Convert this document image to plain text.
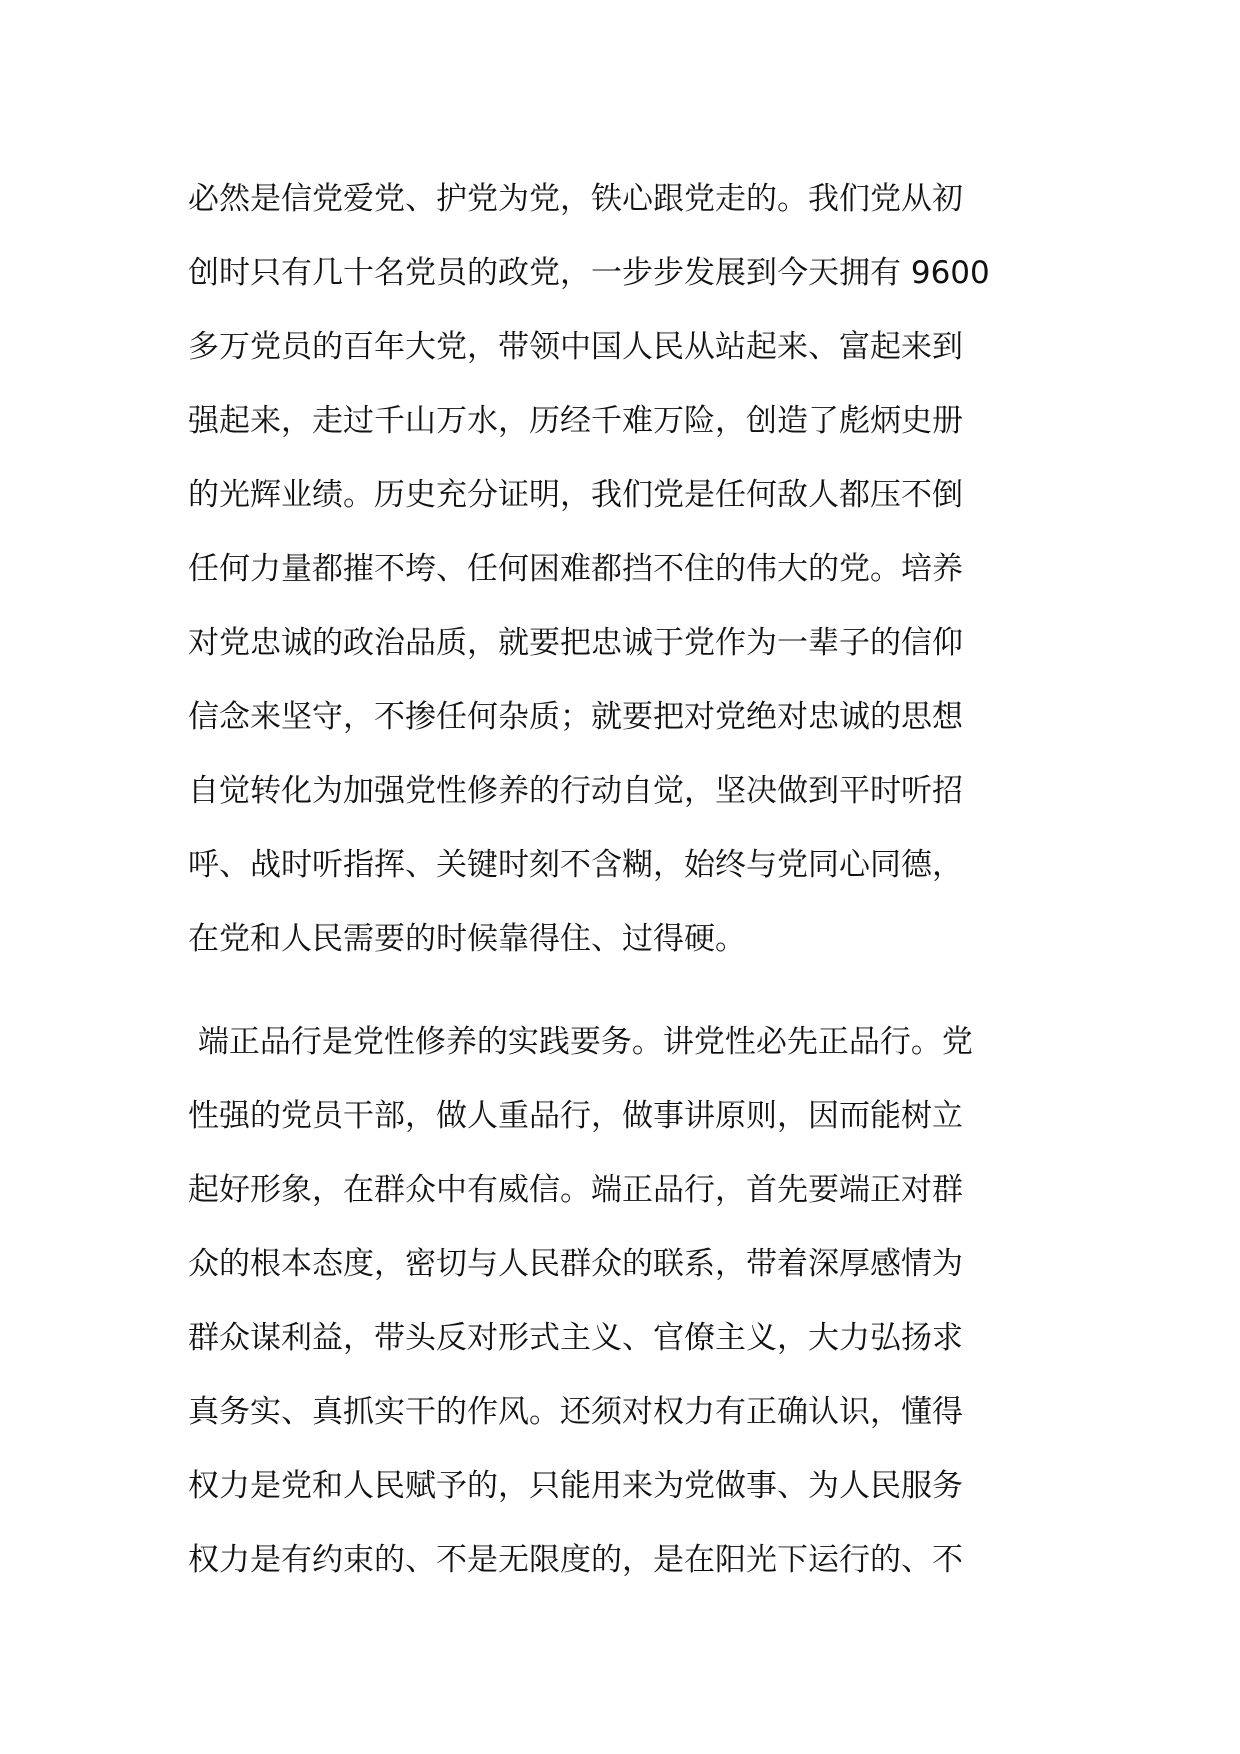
必然是信党爱党、护党为党，铁心跟党走的。我们党从初
创时只有几十名党员的政党，一步步发展到今天拥有 9600
多万党员的百年大党，带领中国人民从站起来、富起来到
强起来，走过千山万水，历经千难万险，创造了彪炳史册
的光辉业绩。历史充分证明，我们党是任何敌人都压不倒
任何力量都摧不垮、任何困难都挡不住的伟大的党。培养
对党忠诚的政治品质，就要把忠诚于党作为一辈子的信仰
信念来坚守，不掺任何杂质；就要把对党绝对忠诚的思想
自觉转化为加强党性修养的行动自觉，坚决做到平时听招
呼、战时听指挥、关键时刻不含糊，始终与党同心同德，
在党和人民需要的时候靠得住、过得硬。
端正品行是党性修养的实践要务。讲党性必先正品行。党
性强的党员干部，做人重品行，做事讲原则，因而能树立
起好形象，在群众中有威信。端正品行，首先要端正对群
众的根本态度，密切与人民群众的联系，带着深厚感情为
群众谋利益，带头反对形式主义、官僚主义，大力弘扬求
真务实、真抓实干的作风。还须对权力有正确认识，懂得
权力是党和人民赋予的，只能用来为党做事、为人民服务
权力是有约束的、不是无限度的，是在阳光下运行的、不
